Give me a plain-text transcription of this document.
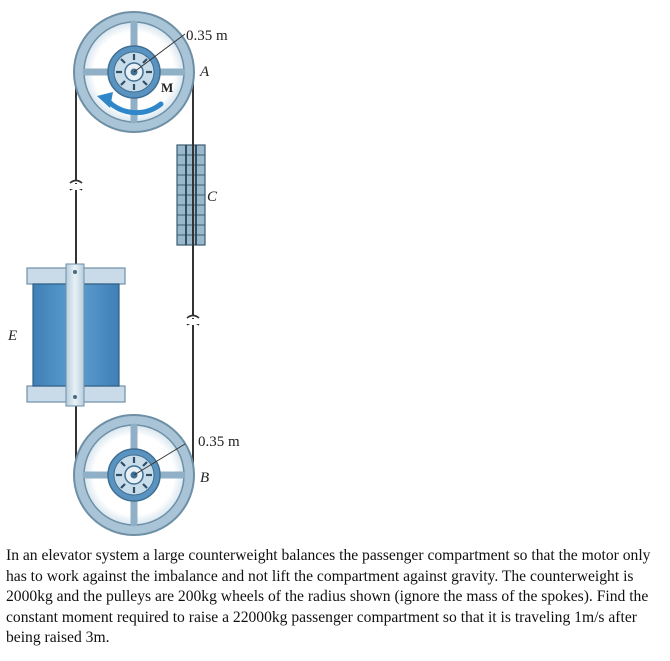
0.35 m
A
M
C
E
0.35 m
B

In an elevator system a large counterweight balances the passenger compartment so that the motor only has to work against the imbalance and not lift the compartment against gravity. The counterweight is 2000kg and the pulleys are 200kg wheels of the radius shown (ignore the mass of the spokes). Find the constant moment required to raise a 22000kg passenger compartment so that it is traveling 1m/s after being raised 3m.
